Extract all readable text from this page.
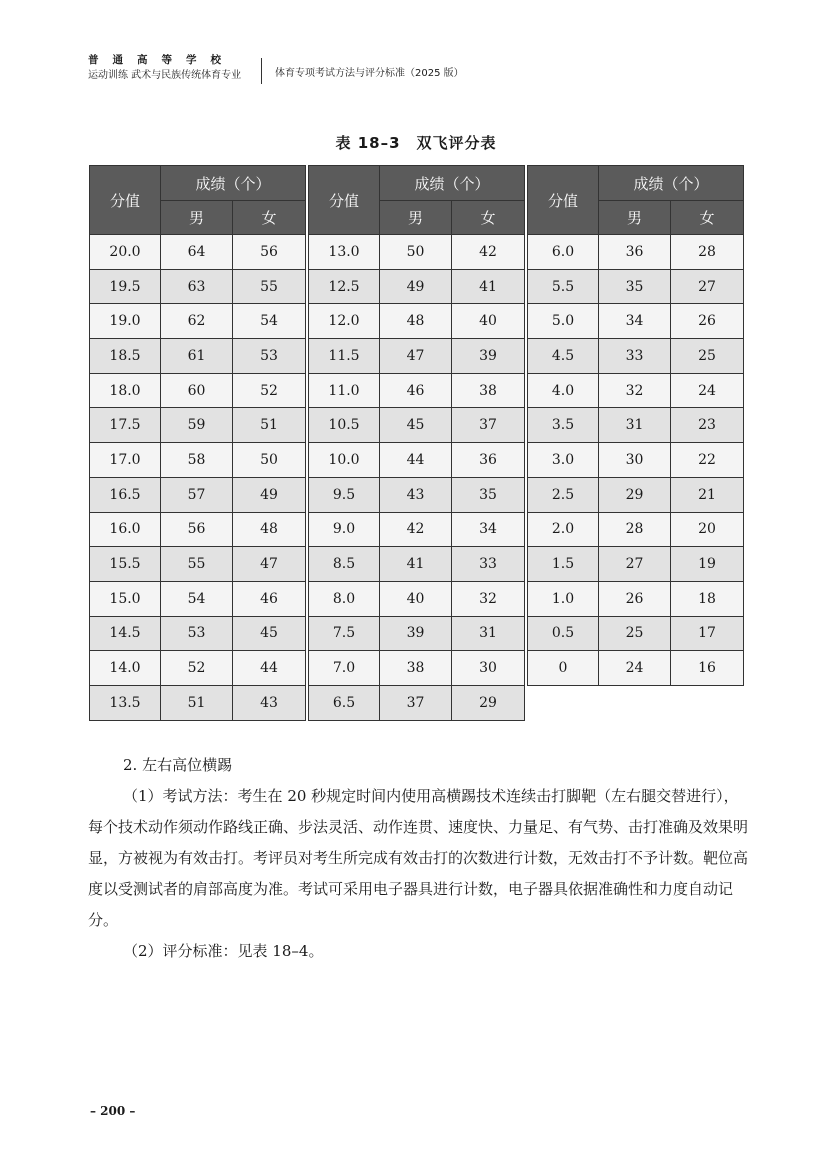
普通高等学校
运动训练 武术与民族传统体育专业	体育专项考试方法与评分标准（2025 版）
表 18–3　双飞评分表
分值	成绩（个）	
	男	女
20.0	64	56
19.5	63	55
19.0	62	54
18.5	61	53
18.0	60	52
17.5	59	51
17.0	58	50
16.5	57	49
16.0	56	48
15.5	55	47
15.0	54	46
14.5	53	45
14.0	52	44
13.5	51	43
分值	成绩（个）	
	男	女
13.0	50	42
12.5	49	41
12.0	48	40
11.5	47	39
11.0	46	38
10.5	45	37
10.0	44	36
9.5	43	35
9.0	42	34
8.5	41	33
8.0	40	32
7.5	39	31
7.0	38	30
6.5	37	29
分值	成绩（个）	
	男	女
6.0	36	28
5.5	35	27
5.0	34	26
4.5	33	25
4.0	32	24
3.5	31	23
3.0	30	22
2.5	29	21
2.0	28	20
1.5	27	19
1.0	26	18
0.5	25	17
0	24	16

2. 左右高位横踢

（1）考试方法：考生在 20 秒规定时间内使用高横踢技术连续击打脚靶（左右腿交替进行），每个技术动作须动作路线正确、步法灵活、动作连贯、速度快、力量足、有气势、击打准确及效果明显，方被视为有效击打。考评员对考生所完成有效击打的次数进行计数，无效击打不予计数。靶位高度以受测试者的肩部高度为准。考试可采用电子器具进行计数，电子器具依据准确性和力度自动记分。

（2）评分标准：见表 18–4。

– 200 –
